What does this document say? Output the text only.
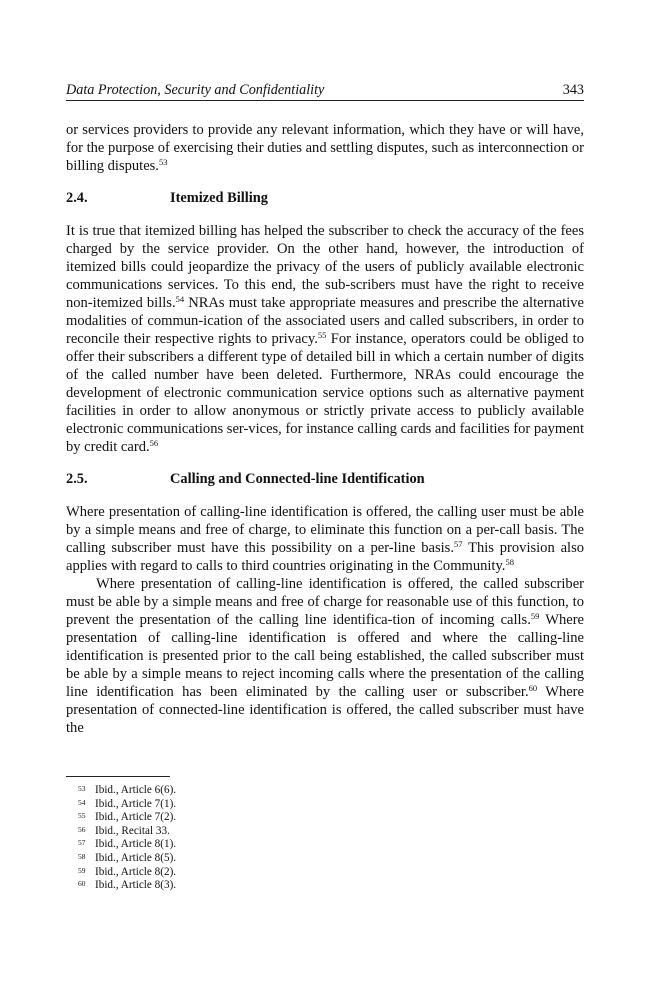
Data Protection, Security and Confidentiality	343

or services providers to provide any relevant information, which they have or will have, for the purpose of exercising their duties and settling disputes, such as interconnection or billing disputes.$^{53}$

2.4.	Itemized Billing

It is true that itemized billing has helped the subscriber to check the accuracy of the fees charged by the service provider. On the other hand, however, the introduction of itemized bills could jeopardize the privacy of the users of publicly available electronic communications services. To this end, the sub-scribers must have the right to receive non-itemized bills.$^{54}$ NRAs must take appropriate measures and prescribe the alternative modalities of commun-ication of the associated users and called subscribers, in order to reconcile their respective rights to privacy.$^{55}$ For instance, operators could be obliged to offer their subscribers a different type of detailed bill in which a certain number of digits of the called number have been deleted. Furthermore, NRAs could encourage the development of electronic communication service options such as alternative payment facilities in order to allow anonymous or strictly private access to publicly available electronic communications ser-vices, for instance calling cards and facilities for payment by credit card.$^{56}$

2.5.	Calling and Connected-line Identification

Where presentation of calling-line identification is offered, the calling user must be able by a simple means and free of charge, to eliminate this function on a per-call basis. The calling subscriber must have this possibility on a per-line basis.$^{57}$ This provision also applies with regard to calls to third countries originating in the Community.$^{58}$

Where presentation of calling-line identification is offered, the called subscriber must be able by a simple means and free of charge for reasonable use of this function, to prevent the presentation of the calling line identifica-tion of incoming calls.$^{59}$ Where presentation of calling-line identification is offered and where the calling-line identification is presented prior to the call being established, the called subscriber must be able by a simple means to reject incoming calls where the presentation of the calling line identification has been eliminated by the calling user or subscriber.$^{60}$ Where presentation of connected-line identification is offered, the called subscriber must have the

53 Ibid., Article 6(6).
54 Ibid., Article 7(1).
55 Ibid., Article 7(2).
56 Ibid., Recital 33.
57 Ibid., Article 8(1).
58 Ibid., Article 8(5).
59 Ibid., Article 8(2).
60 Ibid., Article 8(3).
